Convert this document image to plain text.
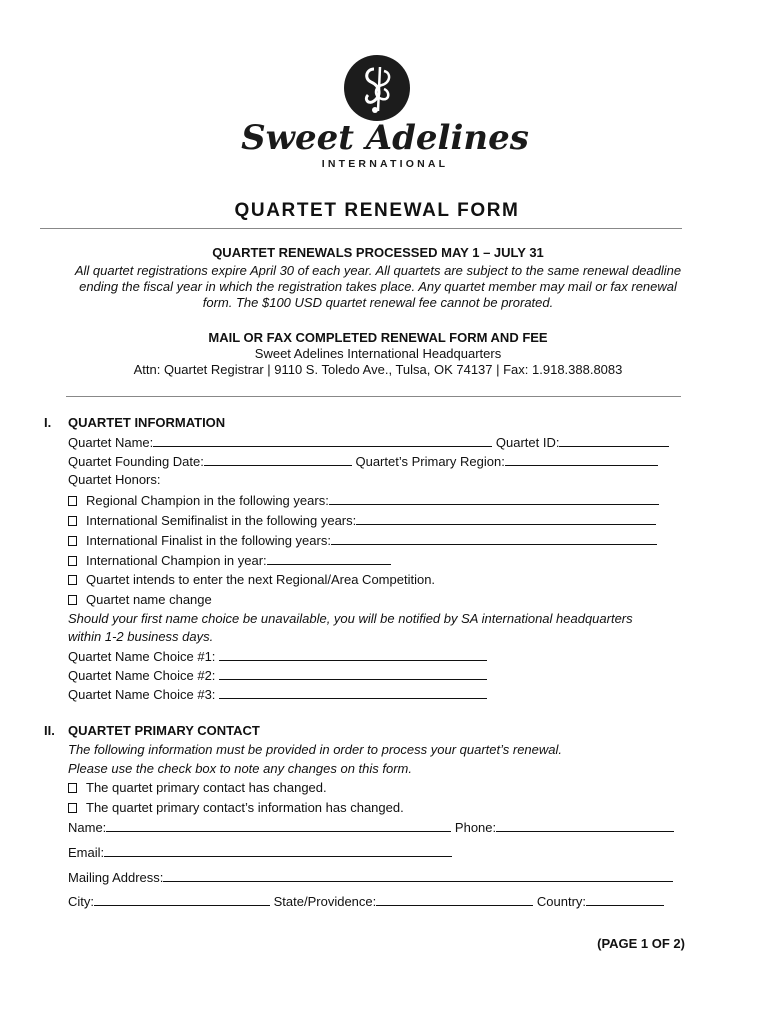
Sweet Adelines
INTERNATIONAL
QUARTET RENEWAL FORM
QUARTET RENEWALS PROCESSED MAY 1 – JULY 31
All quartet registrations expire April 30 of each year. All quartets are subject to the same renewal deadline
ending the fiscal year in which the registration takes place. Any quartet member may mail or fax renewal
form. The $100 USD quartet renewal fee cannot be prorated.
MAIL OR FAX COMPLETED RENEWAL FORM AND FEE
Sweet Adelines International Headquarters
Attn: Quartet Registrar | 9110 S. Toledo Ave., Tulsa, OK 74137 | Fax: 1.918.388.8083
I. QUARTET INFORMATION
Quartet Name:	Quartet ID:
Quartet Founding Date:	Quartet’s Primary Region:
Quartet Honors:
Regional Champion in the following years:
International Semifinalist in the following years:
International Finalist in the following years:
International Champion in year:
Quartet intends to enter the next Regional/Area Competition.
Quartet name change
Should your first name choice be unavailable, you will be notified by SA international headquarters
within 1-2 business days.
Quartet Name Choice #1:
Quartet Name Choice #2:
Quartet Name Choice #3:
II. QUARTET PRIMARY CONTACT
The following information must be provided in order to process your quartet’s renewal.
Please use the check box to note any changes on this form.
The quartet primary contact has changed.
The quartet primary contact’s information has changed.
Name:	Phone:
Email:
Mailing Address:
City:	State/Providence:	Country:
(PAGE 1 OF 2)
